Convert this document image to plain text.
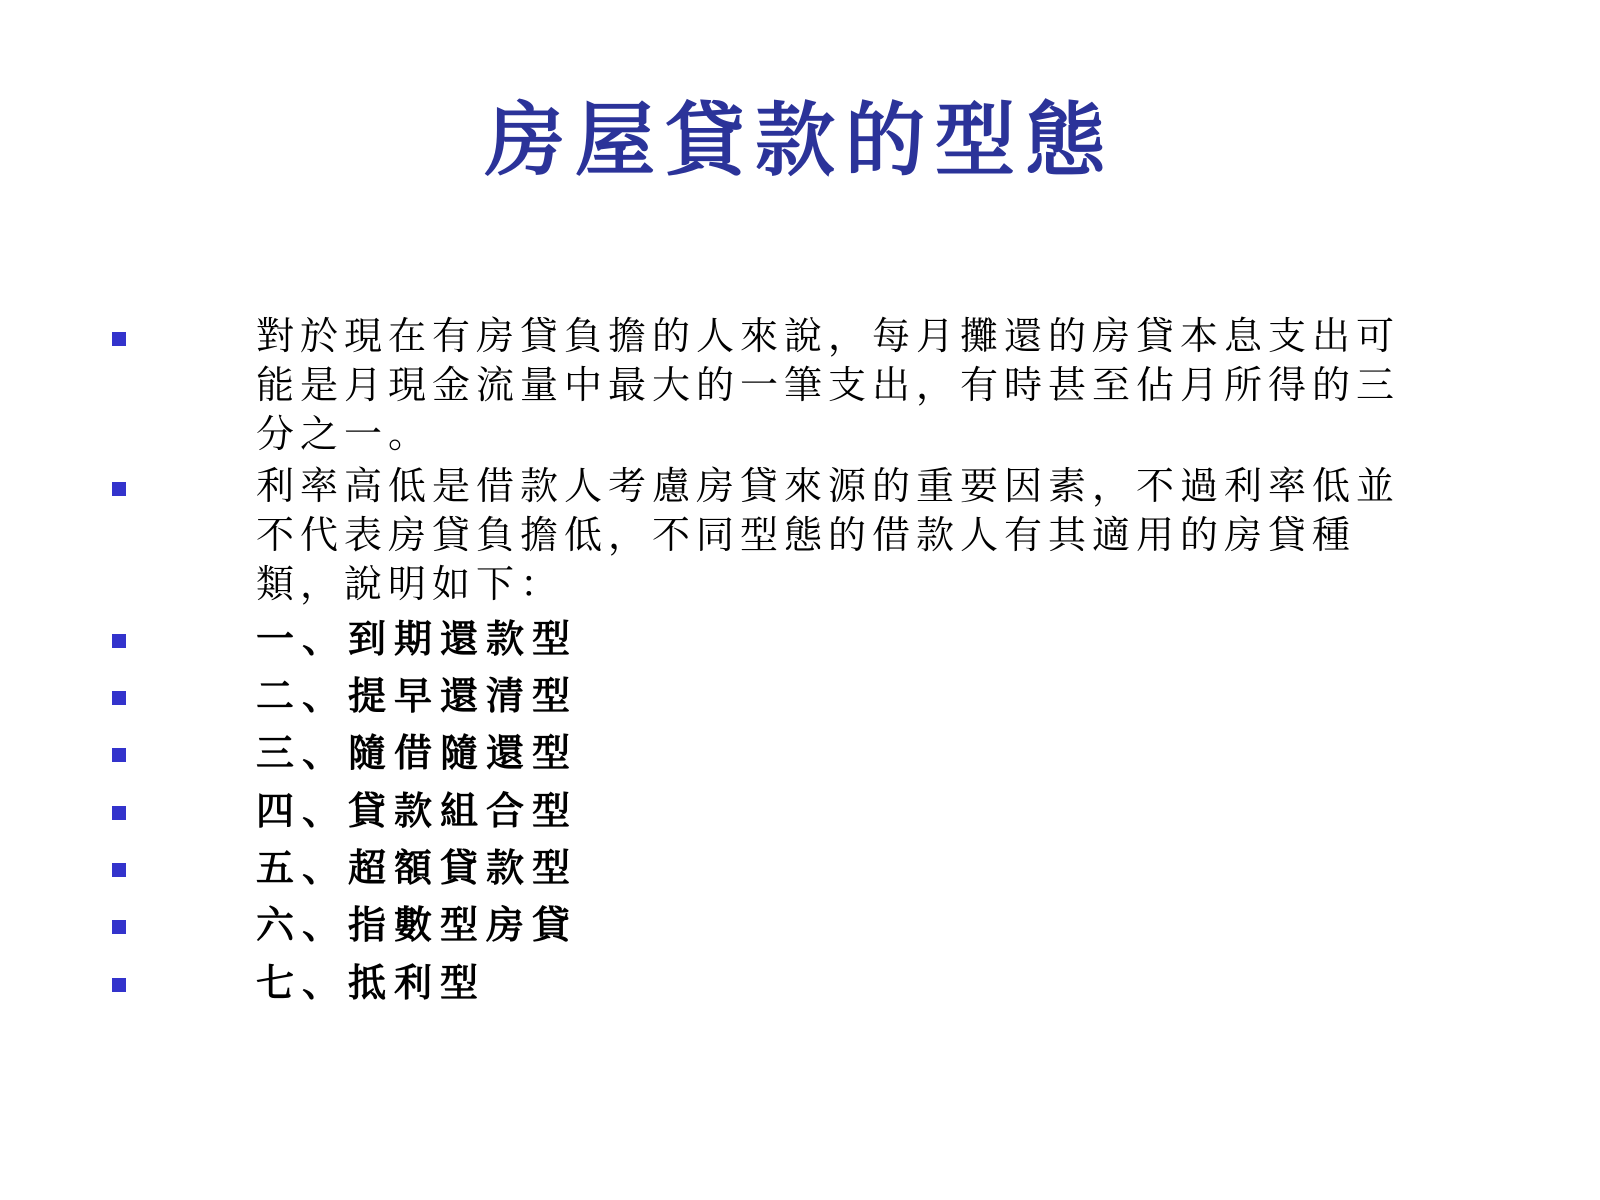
房屋貸款的型態
對於現在有房貸負擔的人來說，每月攤還的房貸本息支出可能是月現金流量中最大的一筆支出，有時甚至佔月所得的三分之一。
利率高低是借款人考慮房貸來源的重要因素，不過利率低並不代表房貸負擔低，不同型態的借款人有其適用的房貸種類，說明如下：
一、到期還款型
二、提早還清型
三、隨借隨還型
四、貸款組合型
五、超額貸款型
六、指數型房貸
七、抵利型
